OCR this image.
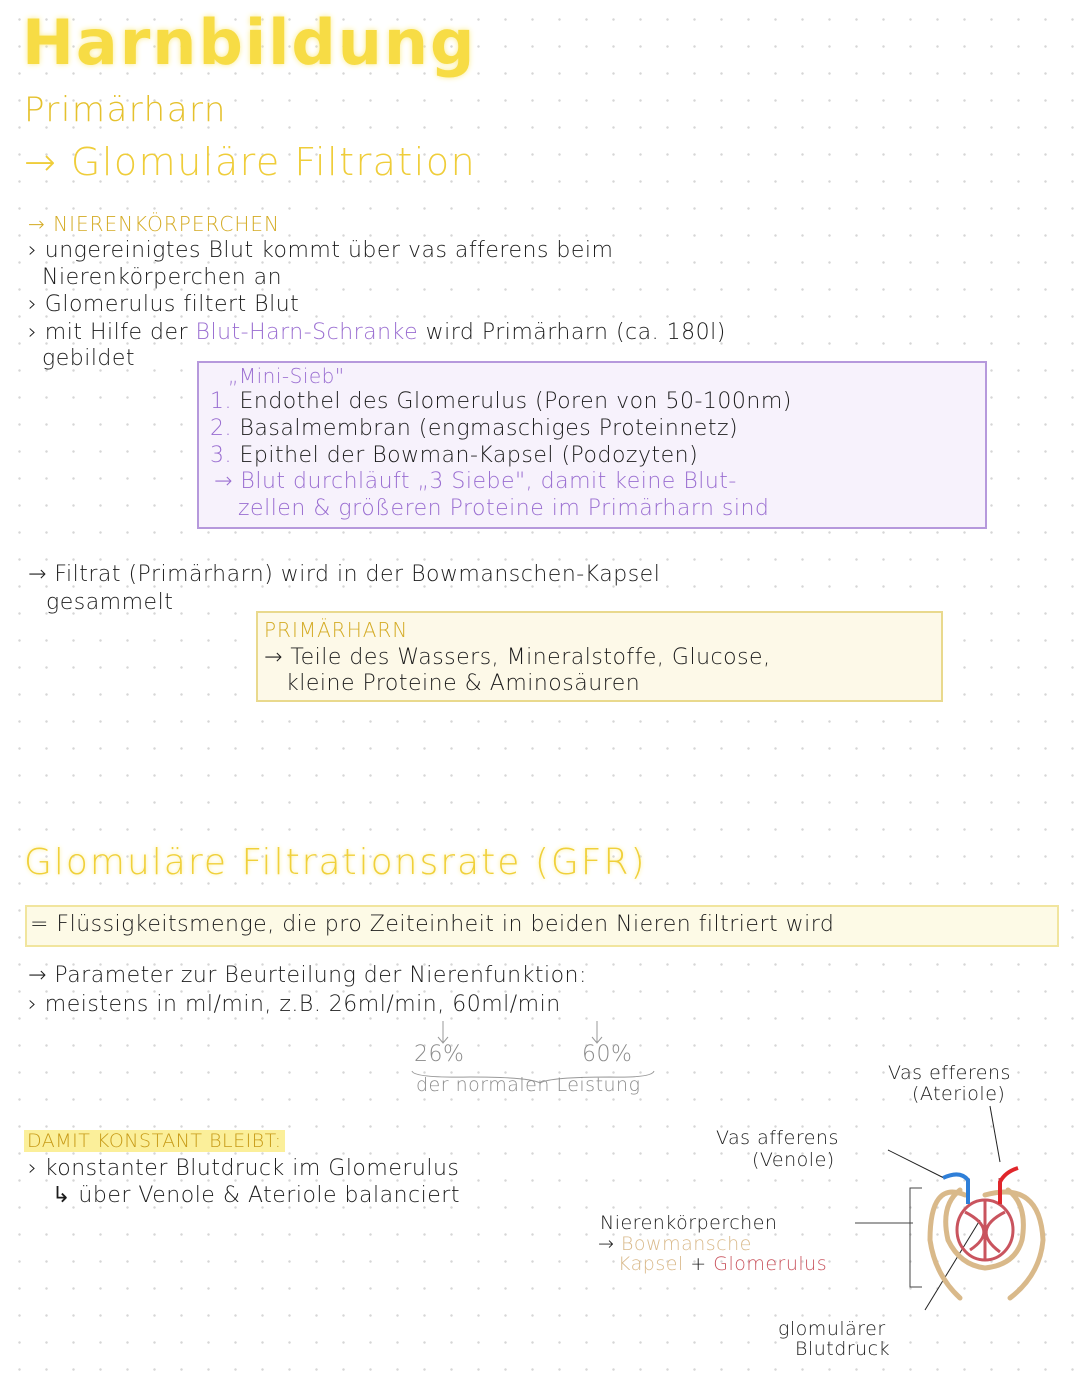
Harnbildung
Primärharn
→ Glomuläre Filtration
→ NIERENKÖRPERCHEN
› ungereinigtes Blut kommt über vas afferens beim
Nierenkörperchen an
› Glomerulus filtert Blut
› mit Hilfe der Blut-Harn-Schranke wird Primärharn (ca. 180l)
gebildet
„Mini-Sieb"
1. Endothel des Glomerulus (Poren von 50-100nm)
2. Basalmembran (engmaschiges Proteinnetz)
3. Epithel der Bowman-Kapsel (Podozyten)
→ Blut durchläuft „3 Siebe", damit keine Blut-
zellen & größeren Proteine im Primärharn sind
→ Filtrat (Primärharn) wird in der Bowmanschen-Kapsel
gesammelt
PRIMÄRHARN
→ Teile des Wassers, Mineralstoffe, Glucose,
kleine Proteine & Aminosäuren
Glomuläre Filtrationsrate (GFR)
= Flüssigkeitsmenge, die pro Zeiteinheit in beiden Nieren filtriert wird
→ Parameter zur Beurteilung der Nierenfunktion:
› meistens in ml/min, z.B. 26ml/min, 60ml/min
26%	60%
der normalen Leistung
DAMIT KONSTANT BLEIBT:
› konstanter Blutdruck im Glomerulus
↳ über Venole & Ateriole balanciert
Vas efferens
(Ateriole)
Vas afferens
(Venole)
Nierenkörperchen
→ Bowmansche
Kapsel + Glomerulus
glomulärer
Blutdruck
